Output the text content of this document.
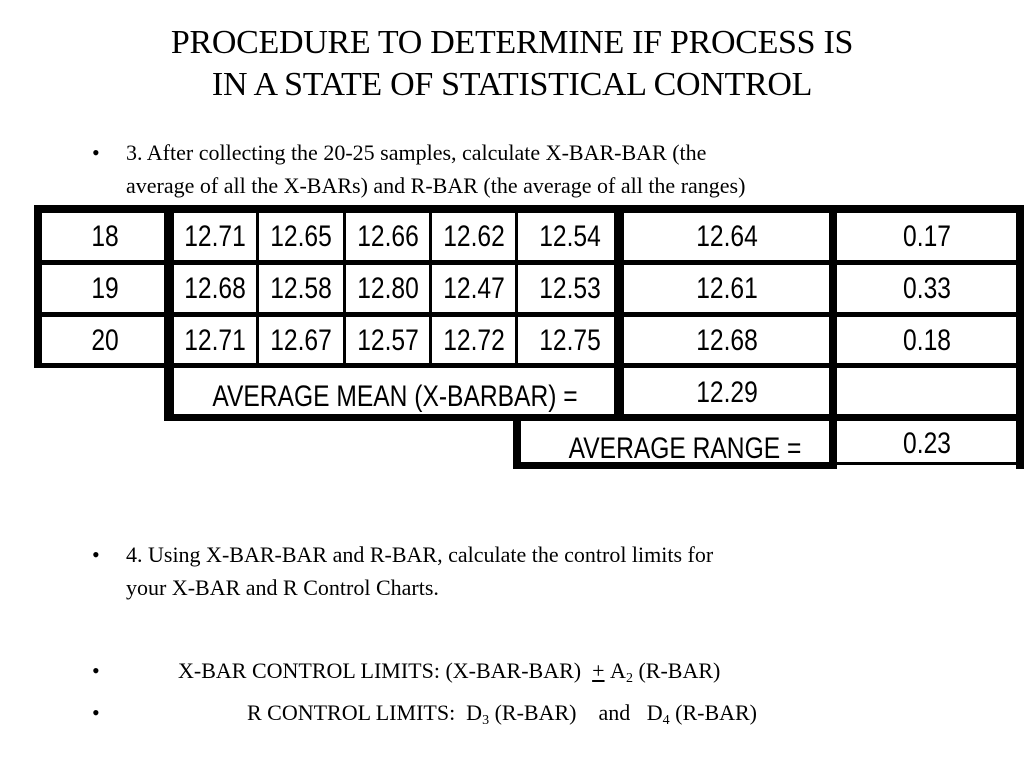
PROCEDURE TO DETERMINE IF PROCESS IS
IN A STATE OF STATISTICAL CONTROL
• 3. After collecting the 20-25 samples, calculate X-BAR-BAR (the
average of all the X-BARs) and R-BAR (the average of all the ranges)
18	12.71 12.65 12.66 12.62 12.54	12.64	0.17
19	12.68 12.58 12.80 12.47 12.53	12.61	0.33
20	12.71 12.67 12.57 12.72 12.75	12.68	0.18
AVERAGE MEAN (X-BARBAR) =	12.29
AVERAGE RANGE =	0.23
• 4. Using X-BAR-BAR and R-BAR, calculate the control limits for
your X-BAR and R Control Charts.
•	X-BAR CONTROL LIMITS: $(X-BAR-BAR) + A_2$ (R-BAR)
•	R CONTROL LIMITS:  $D_3$ (R-BAR)    and   $D_4$ (R-BAR)
